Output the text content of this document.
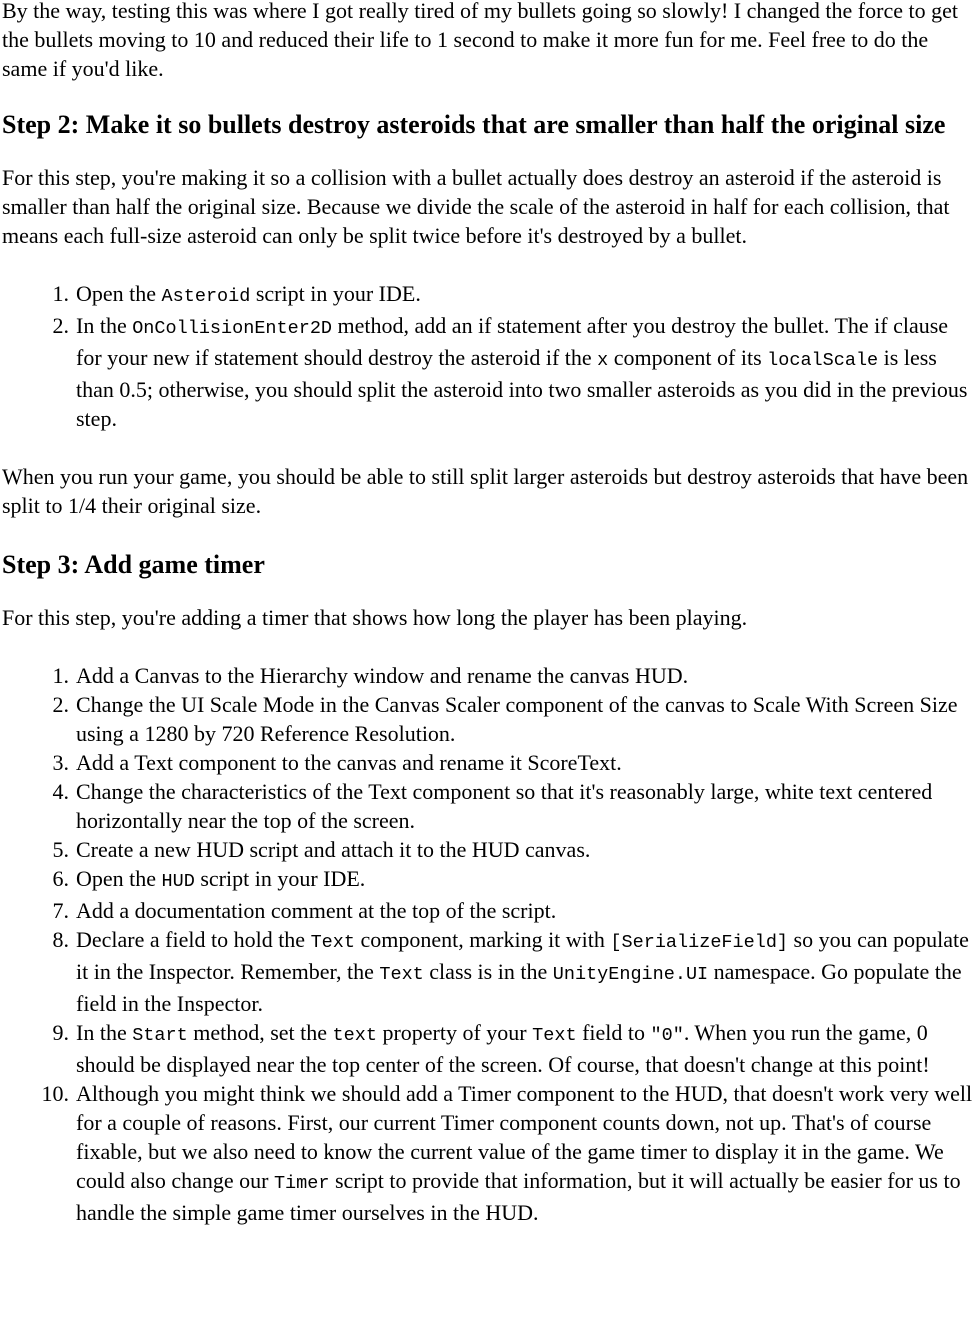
By the way, testing this was where I got really tired of my bullets going so slowly! I changed the force to get the bullets moving to 10 and reduced their life to 1 second to make it more fun for me. Feel free to do the same if you'd like.

Step 2: Make it so bullets destroy asteroids that are smaller than half the original size

For this step, you're making it so a collision with a bullet actually does destroy an asteroid if the asteroid is smaller than half the original size. Because we divide the scale of the asteroid in half for each collision, that means each full-size asteroid can only be split twice before it's destroyed by a bullet.

1. Open the Asteroid script in your IDE.
2. In the OnCollisionEnter2D method, add an if statement after you destroy the bullet. The if clause for your new if statement should destroy the asteroid if the x component of its localScale is less than 0.5; otherwise, you should split the asteroid into two smaller asteroids as you did in the previous step.

When you run your game, you should be able to still split larger asteroids but destroy asteroids that have been split to 1/4 their original size.

Step 3: Add game timer

For this step, you're adding a timer that shows how long the player has been playing.

1. Add a Canvas to the Hierarchy window and rename the canvas HUD.
2. Change the UI Scale Mode in the Canvas Scaler component of the canvas to Scale With Screen Size using a 1280 by 720 Reference Resolution.
3. Add a Text component to the canvas and rename it ScoreText.
4. Change the characteristics of the Text component so that it's reasonably large, white text centered horizontally near the top of the screen.
5. Create a new HUD script and attach it to the HUD canvas.
6. Open the HUD script in your IDE.
7. Add a documentation comment at the top of the script.
8. Declare a field to hold the Text component, marking it with [SerializeField] so you can populate it in the Inspector. Remember, the Text class is in the UnityEngine.UI namespace. Go populate the field in the Inspector.
9. In the Start method, set the text property of your Text field to "0". When you run the game, 0 should be displayed near the top center of the screen. Of course, that doesn't change at this point!
10. Although you might think we should add a Timer component to the HUD, that doesn't work very well for a couple of reasons. First, our current Timer component counts down, not up. That's of course fixable, but we also need to know the current value of the game timer to display it in the game. We could also change our Timer script to provide that information, but it will actually be easier for us to handle the simple game timer ourselves in the HUD.
